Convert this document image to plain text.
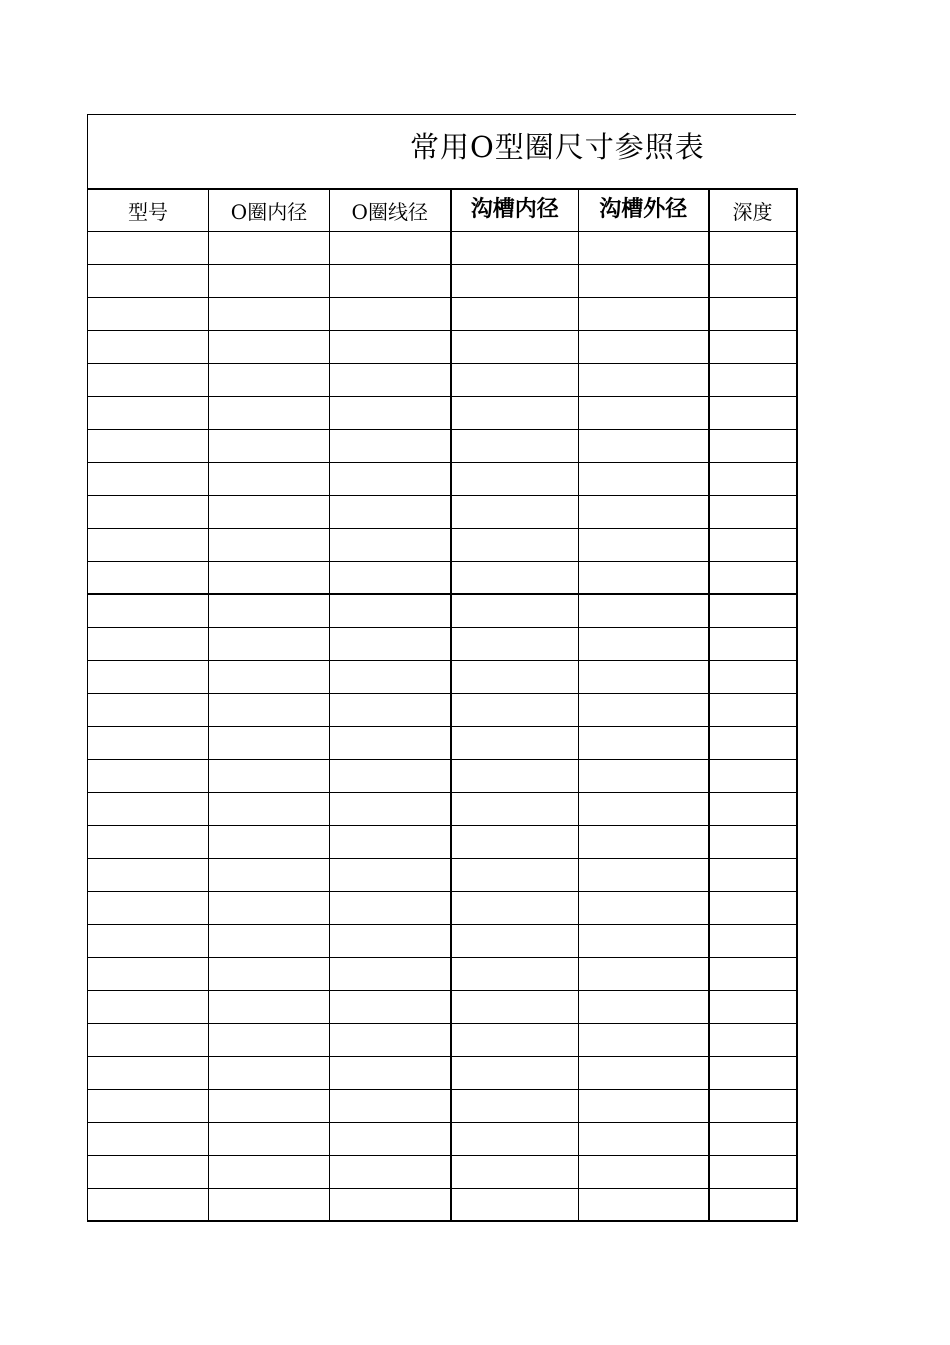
常用O型圈尺寸参照表
型号	O圈内径	O圈线径	沟槽内径	沟槽外径	深度
